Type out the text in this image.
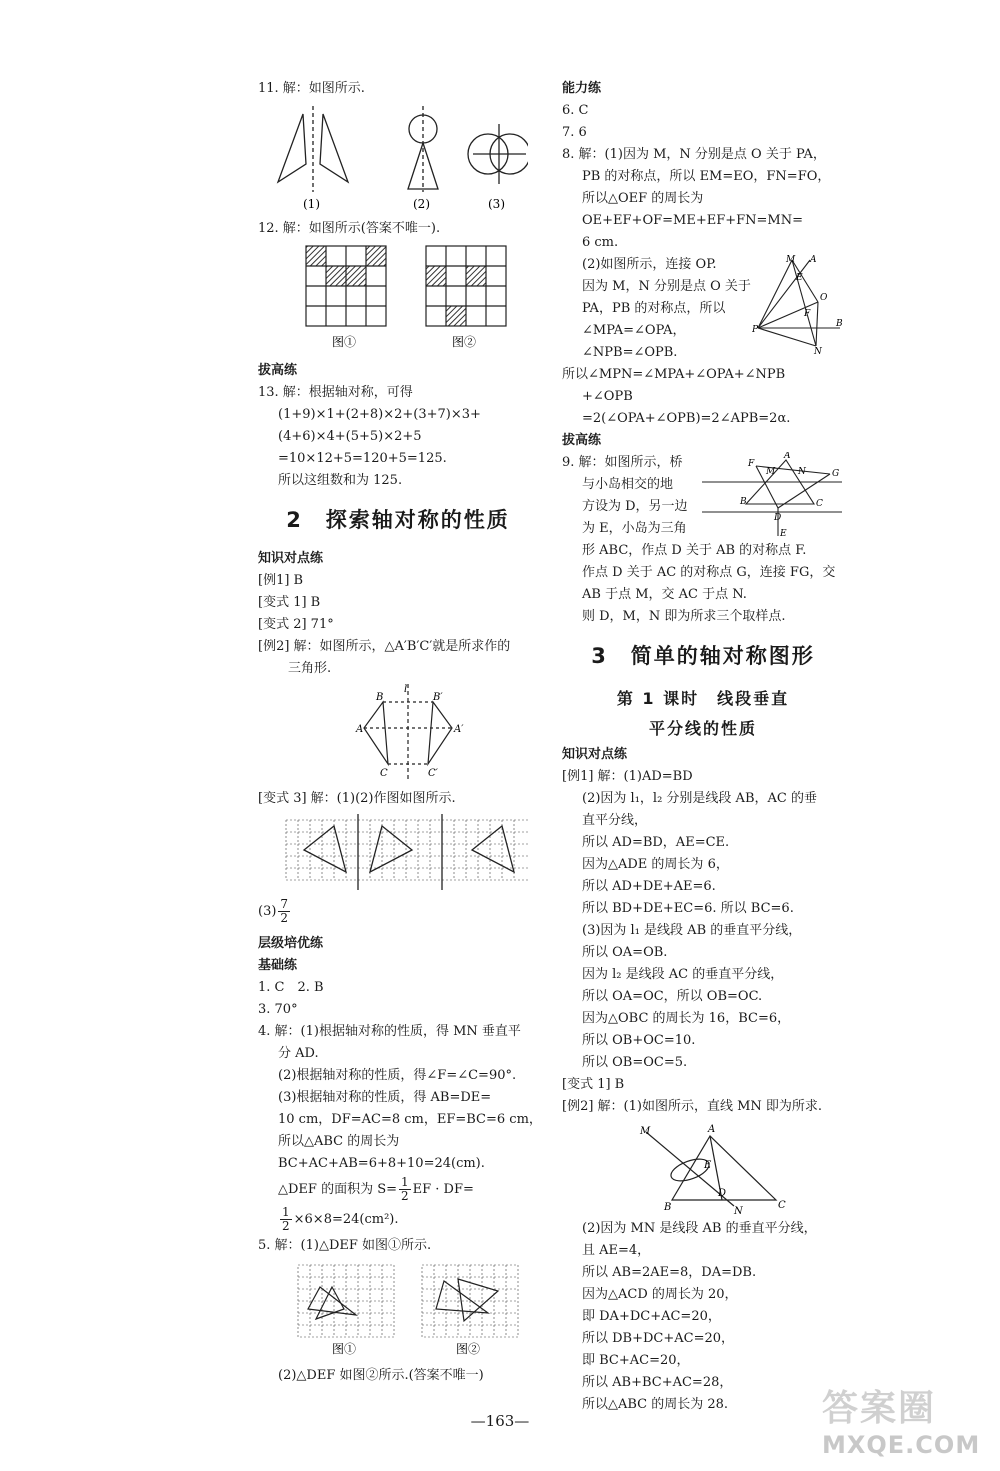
11. 解：如图所示.
(1)	(2)	(3)
12. 解：如图所示(答案不唯一).
图①	图②
拔高练
13. 解：根据轴对称，可得
(1+9)×1+(2+8)×2+(3+7)×3+
(4+6)×4+(5+5)×2+5
=10×12+5=120+5=125.
所以这组数和为 125.
2　探索轴对称的性质
知识对点练
[例1] B
[变式 1] B
[变式 2] 71°
[例2] 解：如图所示，△A′B′C′就是所求作的
三角形.
l
B	B′
A	A′
C	C′
[变式 3] 解：(1)(2)作图如图所示.
$(3) \frac{7}{2}$
层级培优练
基础练
1. C　2. B
3. 70°
4. 解：(1)根据轴对称的性质，得 MN 垂直平
分 AD.
(2)根据轴对称的性质，得∠F=∠C=90°.
(3)根据轴对称的性质，得 AB=DE=
10 cm，DF=AC=8 cm，EF=BC=6 cm，
所以△ABC 的周长为
BC+AC+AB=6+8+10=24(cm).
△DEF 的面积为 $S= \frac{1}{2}$ EF · DF=
$\frac{1}{2} \times 6\times 8=24(cm^2)$.
5. 解：(1)△DEF 如图①所示.
图①	图②
(2)△DEF 如图②所示.(答案不唯一)
能力练
6. C
7. 6
8. 解：(1)因为 M，N 分别是点 O 关于 PA，
PB 的对称点，所以 EM=EO，FN=FO，
所以△OEF 的周长为
OE+EF+OF=ME+EF+FN=MN=
6 cm.
(2)如图所示，连接 OP.
因为 M，N 分别是点 O 关于
PA，PB 的对称点，所以
∠MPA=∠OPA，
∠NPB=∠OPB.
M A
O
P
B
N
E
F
所以∠MPN=∠MPA+∠OPA+∠NPB
+∠OPB
=2(∠OPA+∠OPB)=2∠APB=2α.
拔高练
9. 解：如图所示，桥
与小岛相交的地
方设为 D，另一边
为 E，小岛为三角
A
B	C
D
E
F
G
M	N
形 ABC，作点 D 关于 AB 的对称点 F.
作点 D 关于 AC 的对称点 G，连接 FG，交
AB 于点 M，交 AC 于点 N.
则 D，M，N 即为所求三个取样点.
3　简单的轴对称图形
第 1 课时　线段垂直
平分线的性质
知识对点练
[例1] 解：(1)AD=BD
(2)因为 l₁，l₂ 分别是线段 AB，AC 的垂
直平分线，
所以 AD=BD，AE=CE.
因为△ADE 的周长为 6，
所以 AD+DE+AE=6.
所以 BD+DE+EC=6. 所以 BC=6.
(3)因为 l₁ 是线段 AB 的垂直平分线，
所以 OA=OB.
因为 l₂ 是线段 AC 的垂直平分线，
所以 OA=OC，所以 OB=OC.
因为△OBC 的周长为 16，BC=6，
所以 OB+OC=10.
所以 OB=OC=5.
[变式 1] B
[例2] 解：(1)如图所示，直线 MN 即为所求.
M	A
E
B
D
N
C
(2)因为 MN 是线段 AB 的垂直平分线，
且 AE=4，
所以 AB=2AE=8，DA=DB.
因为△ACD 的周长为 20，
即 DA+DC+AC=20，
所以 DB+DC+AC=20，
即 BC+AC=20，
所以 AB+BC+AC=28，
所以△ABC 的周长为 28.
—163—	答案圈
MXQE.COM
